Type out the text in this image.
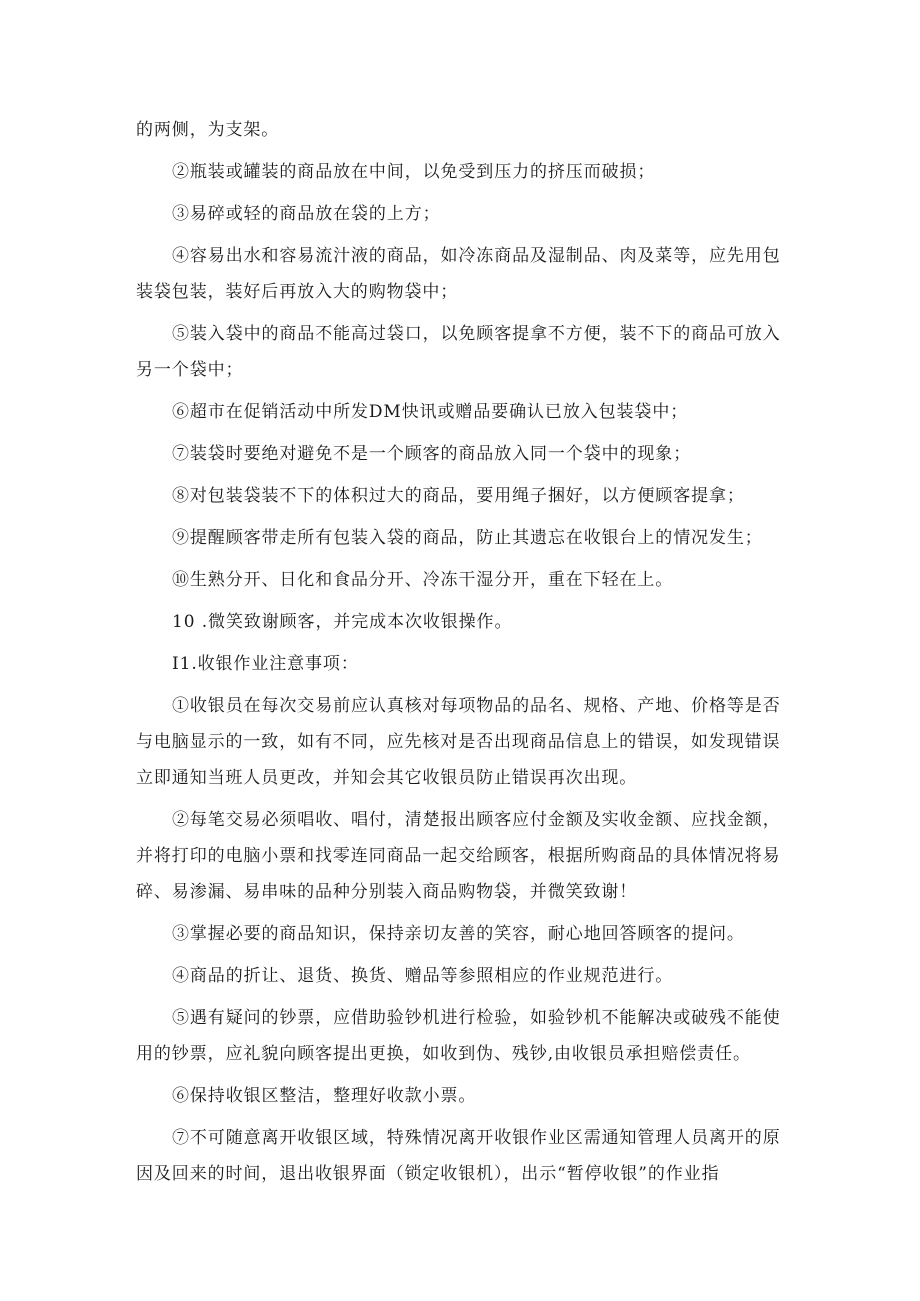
的两侧，为支架。

②瓶装或罐装的商品放在中间，以免受到压力的挤压而破损；

③易碎或轻的商品放在袋的上方；

④容易出水和容易流汁液的商品，如冷冻商品及湿制品、肉及菜等，应先用包装袋包装，装好后再放入大的购物袋中；

⑤装入袋中的商品不能高过袋口，以免顾客提拿不方便，装不下的商品可放入另一个袋中；

⑥超市在促销活动中所发DM快讯或赠品要确认已放入包装袋中；

⑦装袋时要绝对避免不是一个顾客的商品放入同一个袋中的现象；

⑧对包装袋装不下的体积过大的商品，要用绳子捆好，以方便顾客提拿；

⑨提醒顾客带走所有包装入袋的商品，防止其遗忘在收银台上的情况发生；

⑩生熟分开、日化和食品分开、冷冻干湿分开，重在下轻在上。

10 .微笑致谢顾客，并完成本次收银操作。

I1.收银作业注意事项：

①收银员在每次交易前应认真核对每项物品的品名、规格、产地、价格等是否与电脑显示的一致，如有不同，应先核对是否出现商品信息上的错误，如发现错误立即通知当班人员更改，并知会其它收银员防止错误再次出现。

②每笔交易必须唱收、唱付，清楚报出顾客应付金额及实收金额、应找金额，并将打印的电脑小票和找零连同商品一起交给顾客，根据所购商品的具体情况将易碎、易渗漏、易串味的品种分别装入商品购物袋，并微笑致谢！

③掌握必要的商品知识，保持亲切友善的笑容，耐心地回答顾客的提问。

④商品的折让、退货、换货、赠品等参照相应的作业规范进行。

⑤遇有疑问的钞票，应借助验钞机进行检验，如验钞机不能解决或破残不能使用的钞票，应礼貌向顾客提出更换，如收到伪、残钞,由收银员承担赔偿责任。

⑥保持收银区整洁，整理好收款小票。

⑦不可随意离开收银区域，特殊情况离开收银作业区需通知管理人员离开的原因及回来的时间，退出收银界面（锁定收银机），出示“暂停收银”的作业指
